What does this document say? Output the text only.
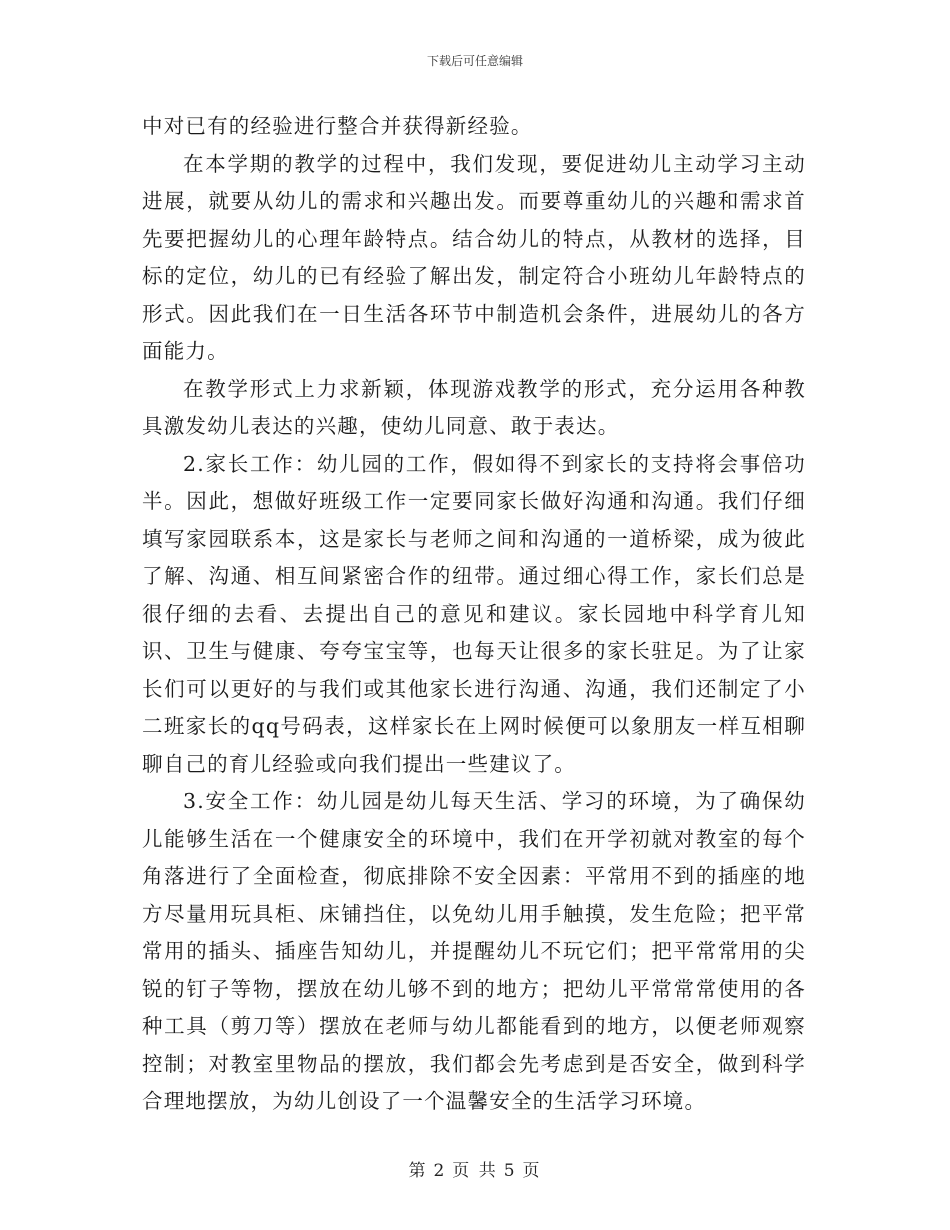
下载后可任意编辑

中对已有的经验进行整合并获得新经验。

在本学期的教学的过程中，我们发现，要促进幼儿主动学习主动进展，就要从幼儿的需求和兴趣出发。而要尊重幼儿的兴趣和需求首先要把握幼儿的心理年龄特点。结合幼儿的特点，从教材的选择，目标的定位，幼儿的已有经验了解出发，制定符合小班幼儿年龄特点的形式。因此我们在一日生活各环节中制造机会条件，进展幼儿的各方面能力。

在教学形式上力求新颖，体现游戏教学的形式，充分运用各种教具激发幼儿表达的兴趣，使幼儿同意、敢于表达。

2.家长工作：幼儿园的工作，假如得不到家长的支持将会事倍功半。因此，想做好班级工作一定要同家长做好沟通和沟通。我们仔细填写家园联系本，这是家长与老师之间和沟通的一道桥梁，成为彼此了解、沟通、相互间紧密合作的纽带。通过细心得工作，家长们总是很仔细的去看、去提出自己的意见和建议。家长园地中科学育儿知识、卫生与健康、夸夸宝宝等，也每天让很多的家长驻足。为了让家长们可以更好的与我们或其他家长进行沟通、沟通，我们还制定了小二班家长的qq号码表，这样家长在上网时候便可以象朋友一样互相聊聊自己的育儿经验或向我们提出一些建议了。

3.安全工作：幼儿园是幼儿每天生活、学习的环境，为了确保幼儿能够生活在一个健康安全的环境中，我们在开学初就对教室的每个角落进行了全面检查，彻底排除不安全因素：平常用不到的插座的地方尽量用玩具柜、床铺挡住，以免幼儿用手触摸，发生危险；把平常常用的插头、插座告知幼儿，并提醒幼儿不玩它们；把平常常用的尖锐的钉子等物，摆放在幼儿够不到的地方；把幼儿平常常常使用的各种工具（剪刀等）摆放在老师与幼儿都能看到的地方，以便老师观察控制；对教室里物品的摆放，我们都会先考虑到是否安全，做到科学合理地摆放，为幼儿创设了一个温馨安全的生活学习环境。

第 2 页 共 5 页
